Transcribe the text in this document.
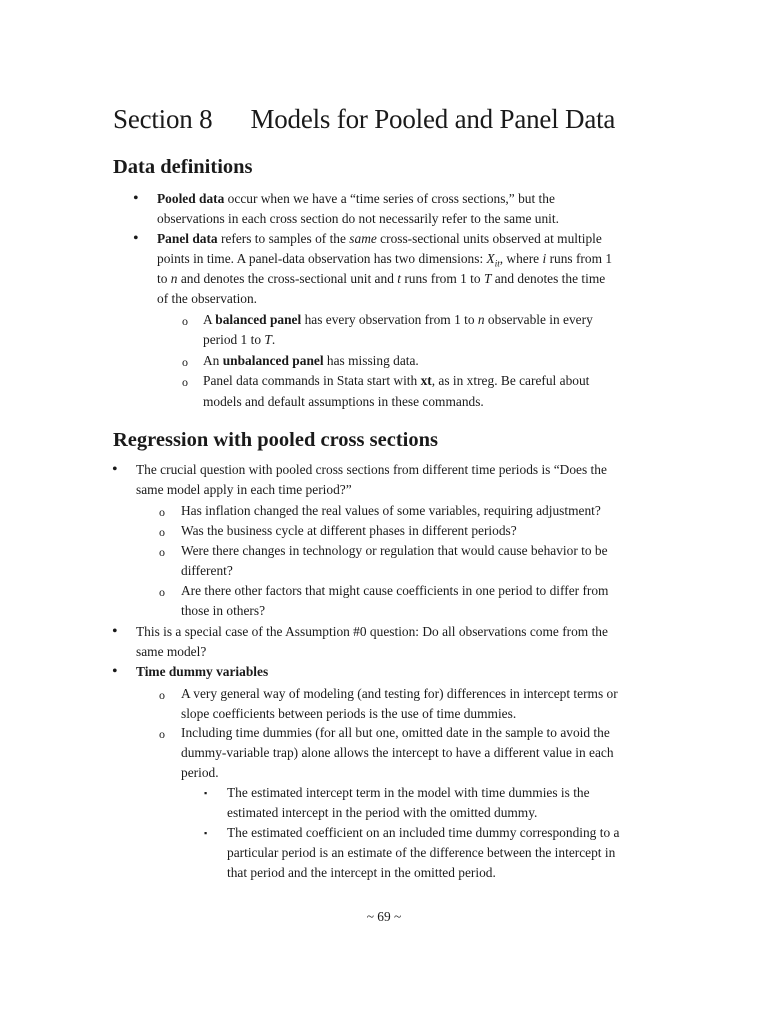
Section 8 Models for Pooled and Panel Data
Data definitions
• Pooled data occur when we have a “time series of cross sections,” but the

observations in each cross section do not necessarily refer to the same unit.

• Panel data refers to samples of the same cross-sectional units observed at multiple

points in time. A panel-data observation has two dimensions: $X_{it}$, where i runs from 1

to n and denotes the cross-sectional unit and t runs from 1 to T and denotes the time

of the observation.

o A balanced panel has every observation from 1 to n observable in every

period 1 to T.

o An unbalanced panel has missing data.

o Panel data commands in Stata start with xt, as in xtreg. Be careful about

models and default assumptions in these commands.

Regression with pooled cross sections
• The crucial question with pooled cross sections from different time periods is “Does the

same model apply in each time period?”

o Has inflation changed the real values of some variables, requiring adjustment?

o Was the business cycle at different phases in different periods?

o Were there changes in technology or regulation that would cause behavior to be

different?

o Are there other factors that might cause coefficients in one period to differ from

those in others?

• This is a special case of the Assumption #0 question: Do all observations come from the

same model?

• Time dummy variables

o A very general way of modeling (and testing for) differences in intercept terms or

slope coefficients between periods is the use of time dummies.

o Including time dummies (for all but one, omitted date in the sample to avoid the

dummy-variable trap) alone allows the intercept to have a different value in each

period.

▪ The estimated intercept term in the model with time dummies is the

estimated intercept in the period with the omitted dummy.

▪ The estimated coefficient on an included time dummy corresponding to a

particular period is an estimate of the difference between the intercept in

that period and the intercept in the omitted period.

~ 69 ~
